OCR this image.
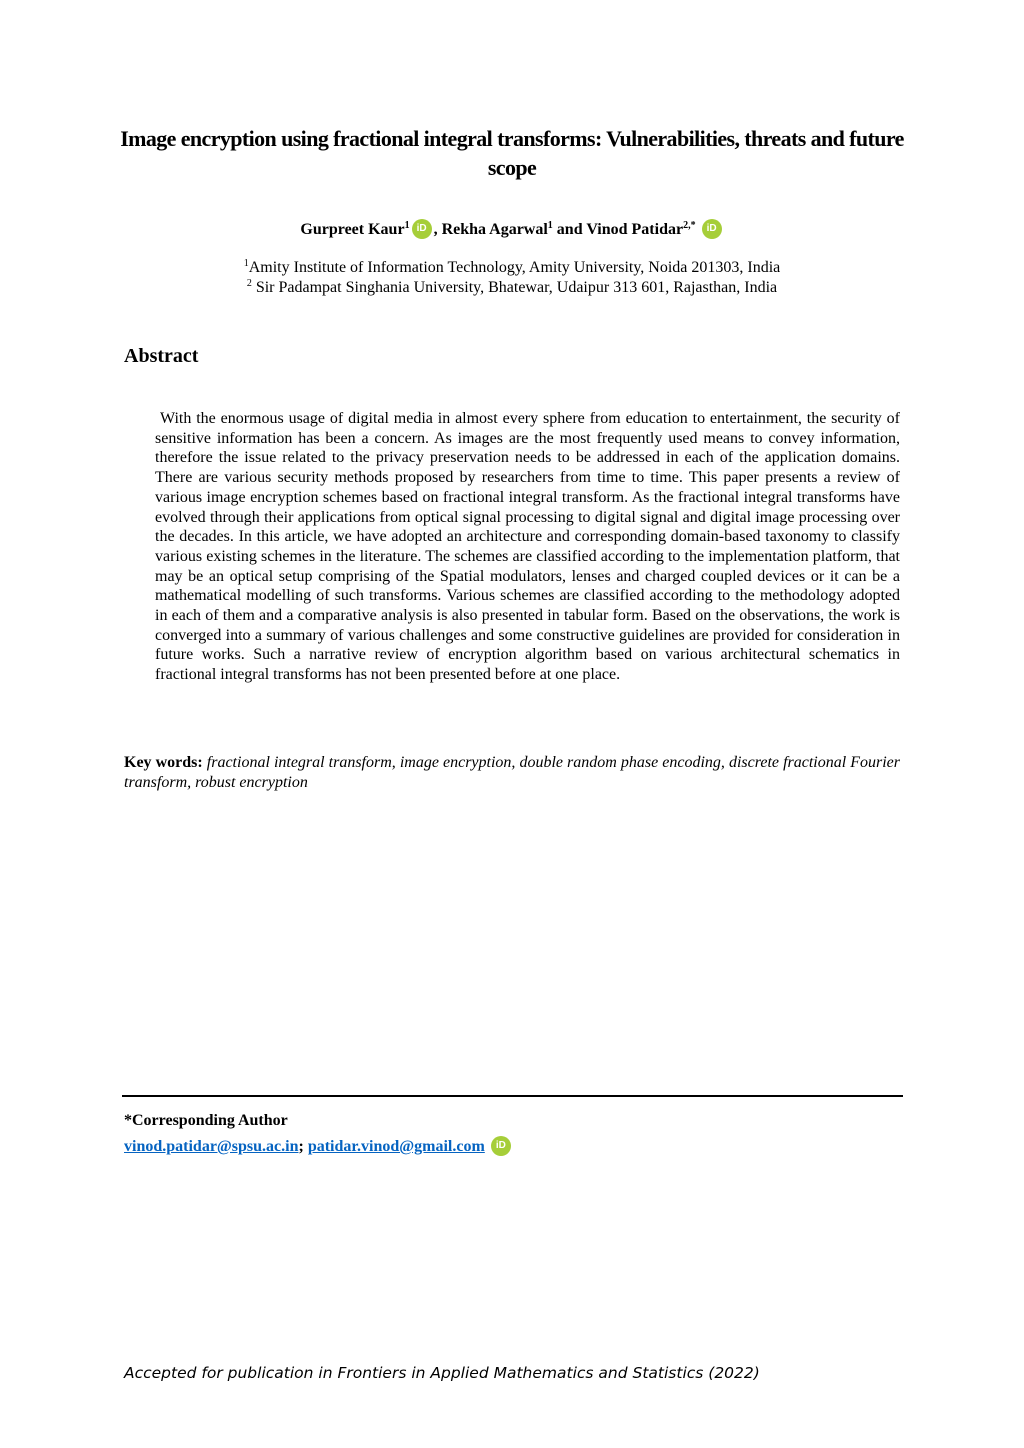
Image encryption using fractional integral transforms: Vulnerabilities, threats and future scope
Gurpreet Kaur$^1$ iD , Rekha Agarwal$^1$ and Vinod Patidar$^{2,*}$ iD
$^1$Amity Institute of Information Technology, Amity University, Noida 201303, India
$^2$ Sir Padampat Singhania University, Bhatewar, Udaipur 313 601, Rajasthan, India
Abstract
With the enormous usage of digital media in almost every sphere from education to entertainment, the security of sensitive information has been a concern. As images are the most frequently used means to convey information, therefore the issue related to the privacy preservation needs to be addressed in each of the application domains. There are various security methods proposed by researchers from time to time. This paper presents a review of various image encryption schemes based on fractional integral transform. As the fractional integral transforms have evolved through their applications from optical signal processing to digital signal and digital image processing over the decades. In this article, we have adopted an architecture and corresponding domain-based taxonomy to classify various existing schemes in the literature. The schemes are classified according to the implementation platform, that may be an optical setup comprising of the Spatial modulators, lenses and charged coupled devices or it can be a mathematical modelling of such transforms. Various schemes are classified according to the methodology adopted in each of them and a comparative analysis is also presented in tabular form. Based on the observations, the work is converged into a summary of various challenges and some constructive guidelines are provided for consideration in future works. Such a narrative review of encryption algorithm based on various architectural schematics in fractional integral transforms has not been presented before at one place.
Key words: fractional integral transform, image encryption, double random phase encoding, discrete fractional Fourier transform, robust encryption
*Corresponding Author
vinod.patidar@spsu.ac.in; patidar.vinod@gmail.com iD
Accepted for publication in Frontiers in Applied Mathematics and Statistics (2022)
